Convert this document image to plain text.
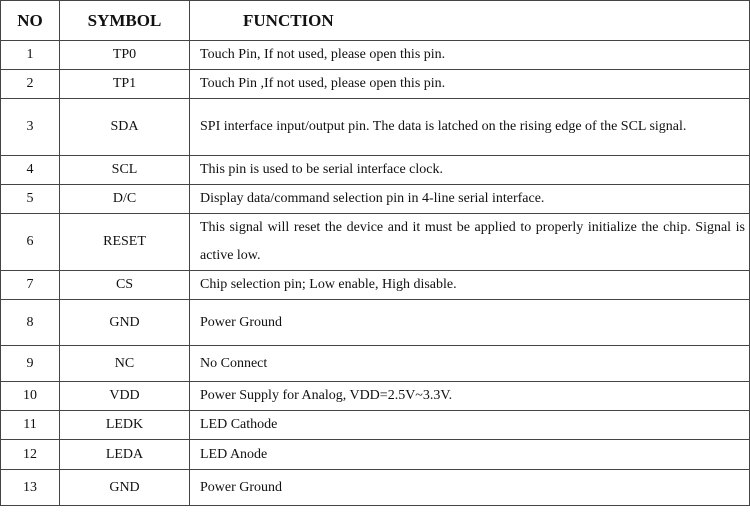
NO	SYMBOL	FUNCTION
1	TP0	Touch Pin, If not used, please open this pin.
2	TP1	Touch Pin ,If not used, please open this pin.
3	SDA	SPI interface input/output pin. The data is latched on the rising edge of the SCL signal.
4	SCL	This pin is used to be serial interface clock.
5	D/C	Display data/command selection pin in 4-line serial interface.
6	RESET	This signal will reset the device and it must be applied to properly initialize the chip. Signal is active low.
7	CS	Chip selection pin; Low enable, High disable.
8	GND	Power Ground
9	NC	No Connect
10	VDD	Power Supply for Analog, VDD=2.5V~3.3V.
11	LEDK	LED Cathode
12	LEDA	LED Anode
13	GND	Power Ground
